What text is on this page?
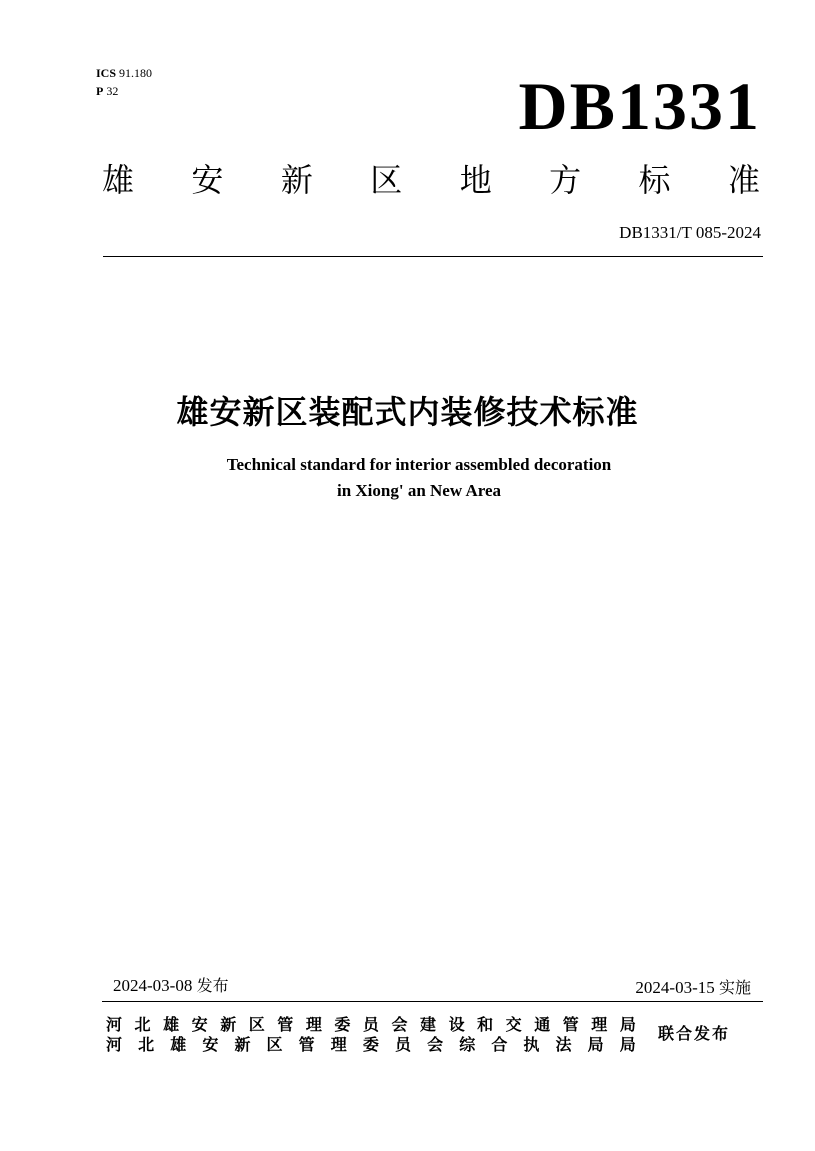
ICS 91.180
P 32	DB1331
雄 安 新 区 地 方 标 准
DB1331/T 085-2024
雄安新区装配式内装修技术标准
Technical standard for interior assembled decoration
in Xiong' an New Area
2024-03-08 发布	2024-03-15 实施
河 北 雄 安 新 区 管 理 委 员 会 建 设 和 交 通 管 理 局
河 北 雄 安 新 区 管 理 委 员 会 综 合 执 法 局 局
联合发布
